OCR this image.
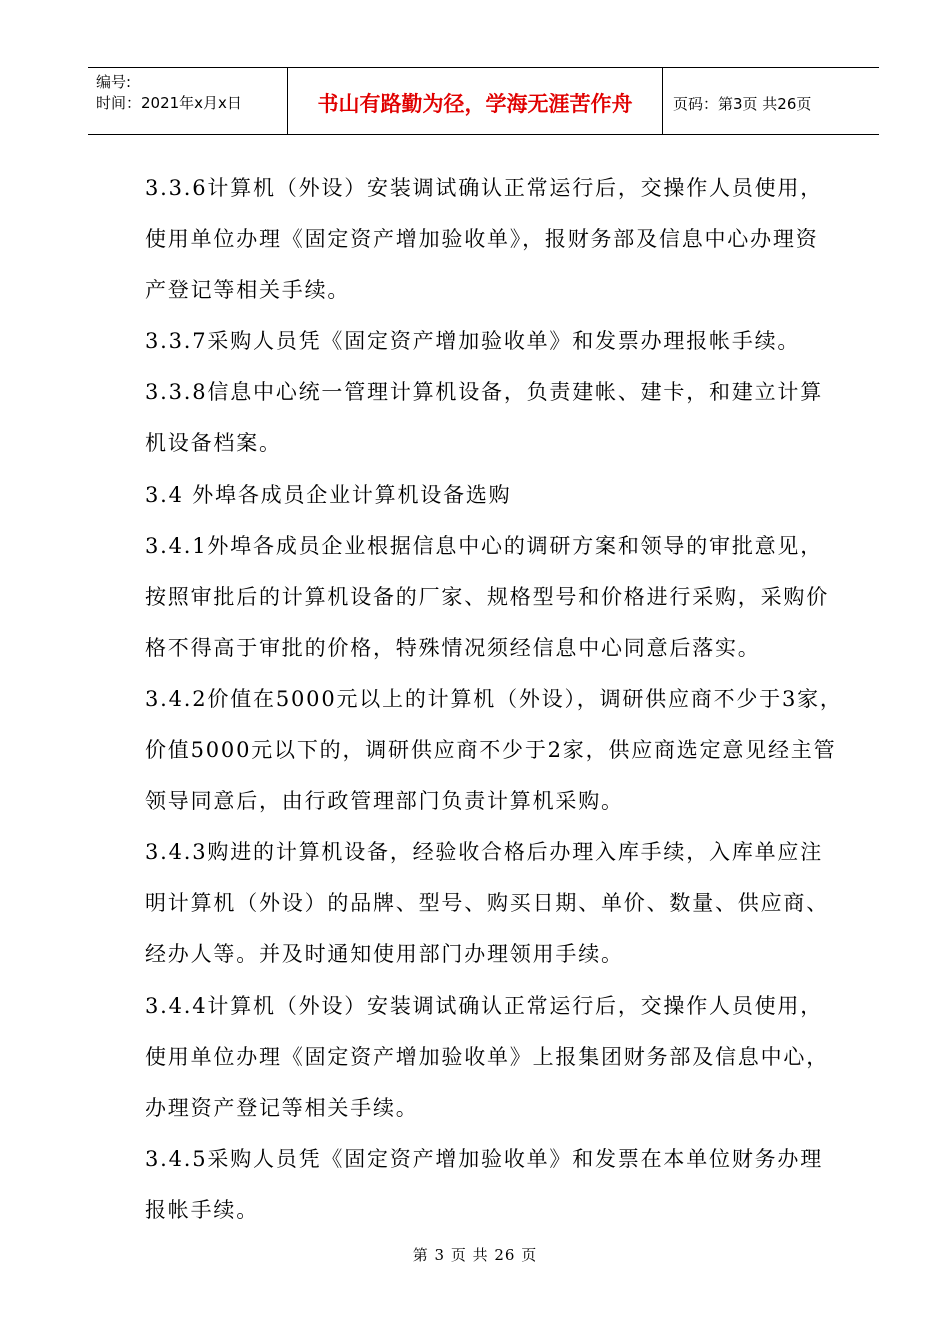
编号:
时间：2021年x月x日	书山有路勤为径，学海无涯苦作舟	页码：第3页 共26页

3.3.6计算机（外设）安装调试确认正常运行后，交操作人员使用，

使用单位办理《固定资产增加验收单》，报财务部及信息中心办理资

产登记等相关手续。

3.3.7采购人员凭《固定资产增加验收单》和发票办理报帐手续。

3.3.8信息中心统一管理计算机设备，负责建帐、建卡，和建立计算

机设备档案。

3.4 外埠各成员企业计算机设备选购

3.4.1外埠各成员企业根据信息中心的调研方案和领导的审批意见，

按照审批后的计算机设备的厂家、规格型号和价格进行采购，采购价

格不得高于审批的价格，特殊情况须经信息中心同意后落实。

3.4.2价值在5000元以上的计算机（外设），调研供应商不少于3家，

价值5000元以下的，调研供应商不少于2家，供应商选定意见经主管

领导同意后，由行政管理部门负责计算机采购。

3.4.3购进的计算机设备，经验收合格后办理入库手续，入库单应注

明计算机（外设）的品牌、型号、购买日期、单价、数量、供应商、

经办人等。并及时通知使用部门办理领用手续。

3.4.4计算机（外设）安装调试确认正常运行后，交操作人员使用，

使用单位办理《固定资产增加验收单》上报集团财务部及信息中心，

办理资产登记等相关手续。

3.4.5采购人员凭《固定资产增加验收单》和发票在本单位财务办理

报帐手续。

第 3 页 共 26 页
